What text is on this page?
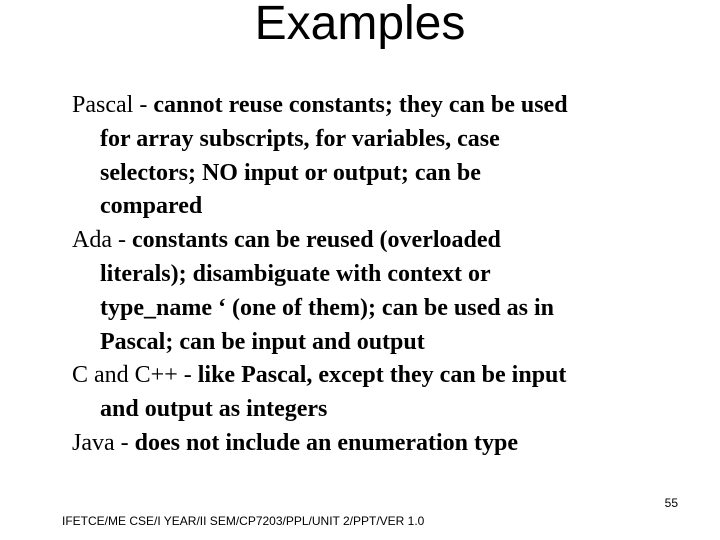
Examples

Pascal - cannot reuse constants; they can be used
for array subscripts, for variables, case
selectors; NO input or output; can be
compared

Ada - constants can be reused (overloaded
literals); disambiguate with context or
type_name ‘ (one of them); can be used as in
Pascal; can be input and output

C and C++ - like Pascal, except they can be input
and output as integers

Java - does not include an enumeration type

55
IFETCE/ME CSE/I YEAR/II SEM/CP7203/PPL/UNIT 2/PPT/VER 1.0
